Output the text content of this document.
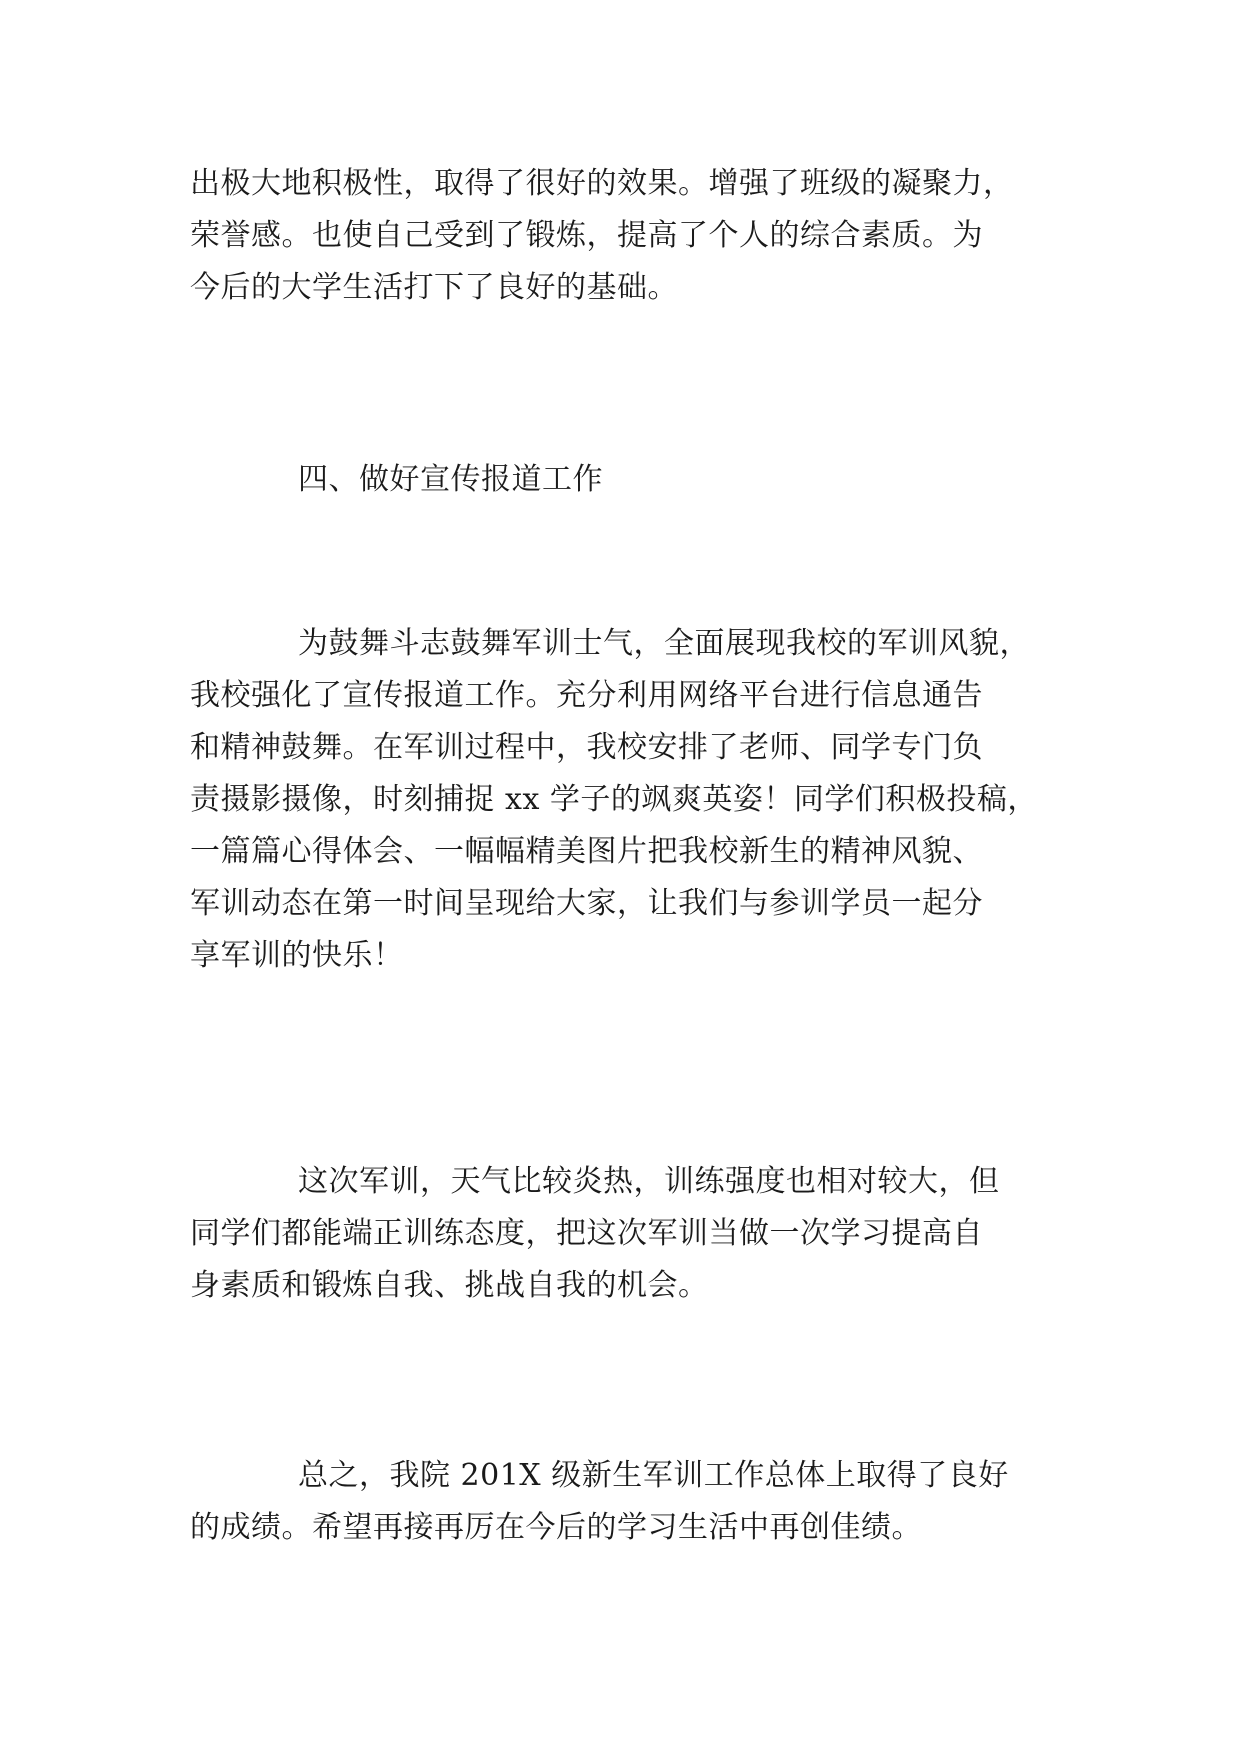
出极大地积极性，取得了很好的效果。增强了班级的凝聚力，
荣誉感。也使自己受到了锻炼，提高了个人的综合素质。为
今后的大学生活打下了良好的基础。
四、做好宣传报道工作
为鼓舞斗志鼓舞军训士气，全面展现我校的军训风貌，
我校强化了宣传报道工作。充分利用网络平台进行信息通告
和精神鼓舞。在军训过程中，我校安排了老师、同学专门负
责摄影摄像，时刻捕捉 xx 学子的飒爽英姿！同学们积极投稿，
一篇篇心得体会、一幅幅精美图片把我校新生的精神风貌、
军训动态在第一时间呈现给大家，让我们与参训学员一起分
享军训的快乐！
这次军训，天气比较炎热，训练强度也相对较大，但
同学们都能端正训练态度，把这次军训当做一次学习提高自
身素质和锻炼自我、挑战自我的机会。
总之，我院 201X 级新生军训工作总体上取得了良好
的成绩。希望再接再厉在今后的学习生活中再创佳绩。
